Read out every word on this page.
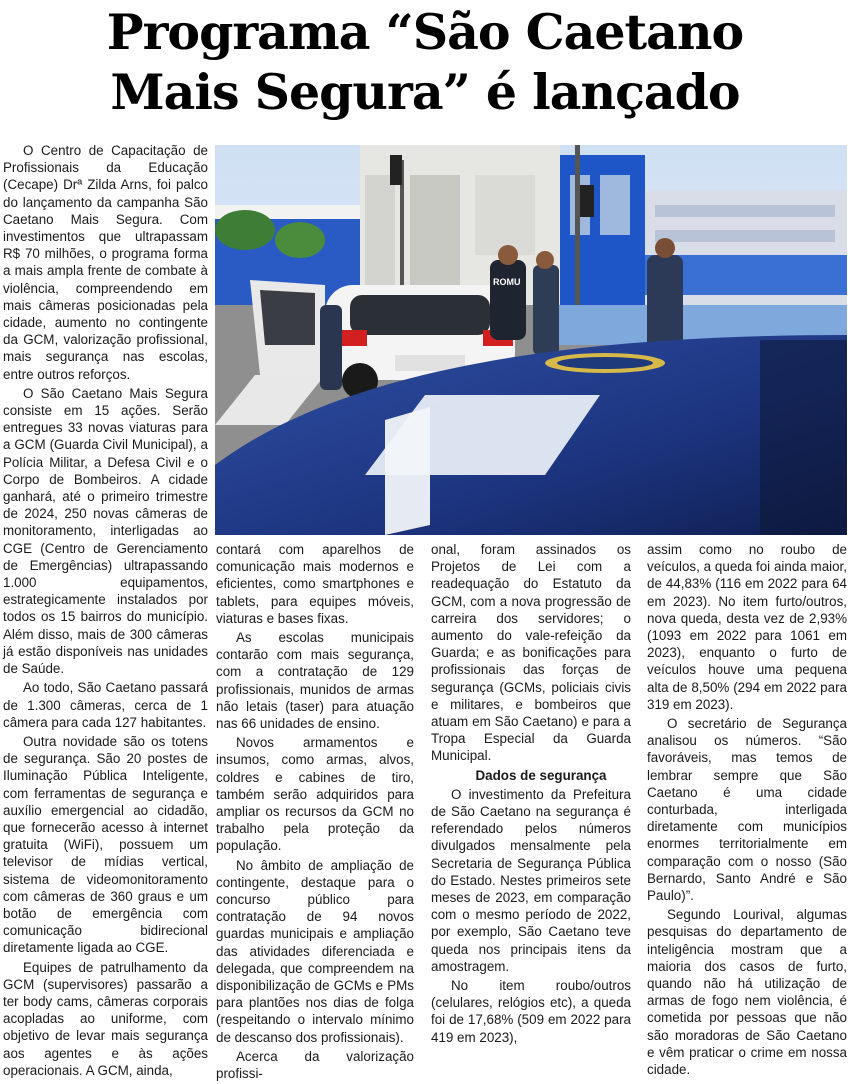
Programa “São Caetano
Mais Segura” é lançado
ROMU

O Centro de Capacitação de Profissionais da Educação (Cecape) Drª Zilda Arns, foi palco do lançamento da campanha São Caetano Mais Segura. Com investimentos que ultrapassam R$ 70 milhões, o programa forma a mais ampla frente de combate à violência, compreendendo em mais câmeras posicionadas pela cidade, aumento no contingente da GCM, valorização profissional, mais segurança nas escolas, entre outros reforços.

O São Caetano Mais Segura consiste em 15 ações. Serão entregues 33 novas viaturas para a GCM (Guarda Civil Municipal), a Polícia Militar, a Defesa Civil e o Corpo de Bombeiros. A cidade ganhará, até o primeiro trimestre de 2024, 250 novas câmeras de monitoramento, interligadas ao CGE (Centro de Gerenciamento de Emergências) ultrapassando 1.000 equipamentos, estrategicamente instalados por todos os 15 bairros do município. Além disso, mais de 300 câmeras já estão disponíveis nas unidades de Saúde.

Ao todo, São Caetano passará de 1.300 câmeras, cerca de 1 câmera para cada 127 habitantes.

Outra novidade são os totens de segurança. São 20 postes de Iluminação Pública Inteligente, com ferramentas de segurança e auxílio emergencial ao cidadão, que fornecerão acesso à internet gratuita (WiFi), possuem um televisor de mídias vertical, sistema de videomonitoramento com câmeras de 360 graus e um botão de emergência com comunicação bidirecional diretamente ligada ao CGE.

Equipes de patrulhamento da GCM (supervisores) passarão a ter body cams, câmeras corporais acopladas ao uniforme, com objetivo de levar mais segurança aos agentes e às ações operacionais. A GCM, ainda,

contará com aparelhos de comunicação mais modernos e eficientes, como smartphones e tablets, para equipes móveis, viaturas e bases fixas.

As escolas municipais contarão com mais segurança, com a contratação de 129 profissionais, munidos de armas não letais (taser) para atuação nas 66 unidades de ensino.

Novos armamentos e insumos, como armas, alvos, coldres e cabines de tiro, também serão adquiridos para ampliar os recursos da GCM no trabalho pela proteção da população.

No âmbito de ampliação de contingente, destaque para o concurso público para contratação de 94 novos guardas municipais e ampliação das atividades diferenciada e delegada, que compreendem na disponibilização de GCMs e PMs para plantões nos dias de folga (respeitando o intervalo mínimo de descanso dos profissionais).

Acerca da valorização profissi-

onal, foram assinados os Projetos de Lei com a readequação do Estatuto da GCM, com a nova progressão de carreira dos servidores; o aumento do vale-refeição da Guarda; e as bonificações para profissionais das forças de segurança (GCMs, policiais civis e militares, e bombeiros que atuam em São Caetano) e para a Tropa Especial da Guarda Municipal.

Dados de segurança

O investimento da Prefeitura de São Caetano na segurança é referendado pelos números divulgados mensalmente pela Secretaria de Segurança Pública do Estado. Nestes primeiros sete meses de 2023, em comparação com o mesmo período de 2022, por exemplo, São Caetano teve queda nos principais itens da amostragem.

No item roubo/outros (celulares, relógios etc), a queda foi de 17,68% (509 em 2022 para 419 em 2023),

assim como no roubo de veículos, a queda foi ainda maior, de 44,83% (116 em 2022 para 64 em 2023). No item furto/outros, nova queda, desta vez de 2,93% (1093 em 2022 para 1061 em 2023), enquanto o furto de veículos houve uma pequena alta de 8,50% (294 em 2022 para 319 em 2023).

O secretário de Segurança analisou os números. “São favoráveis, mas temos de lembrar sempre que São Caetano é uma cidade conturbada, interligada diretamente com municípios enormes territorialmente em comparação com o nosso (São Bernardo, Santo André e São Paulo)”.

Segundo Lourival, algumas pesquisas do departamento de inteligência mostram que a maioria dos casos de furto, quando não há utilização de armas de fogo nem violência, é cometida por pessoas que não são moradoras de São Caetano e vêm praticar o crime em nossa cidade.
